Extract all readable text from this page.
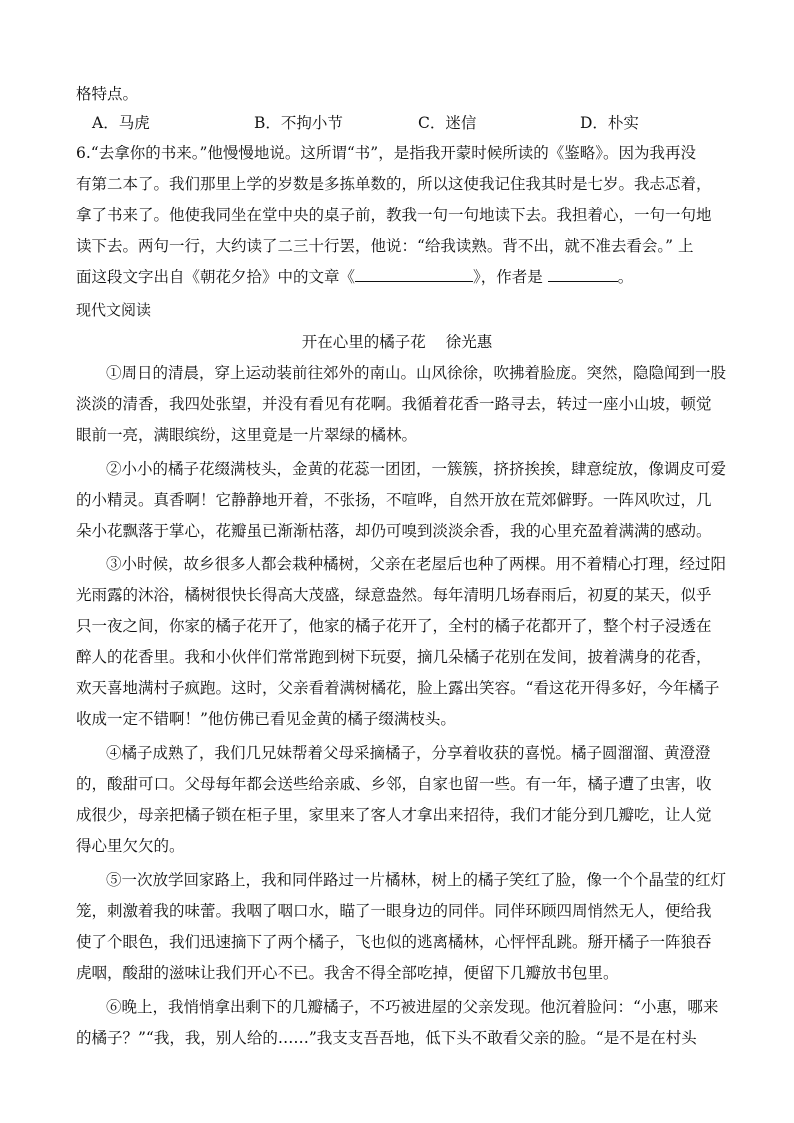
格特点。
A．马虎	B．不拘小节	C．迷信	D．朴实
6.“去拿你的书来。”他慢慢地说。这所谓“书”，是指我开蒙时候所读的《鉴略》。因为我再没
有第二本了。我们那里上学的岁数是多拣单数的，所以这使我记住我其时是七岁。我忐忑着，
拿了书来了。他使我同坐在堂中央的桌子前，教我一句一句地读下去。我担着心，一句一句地
读下去。两句一行，大约读了二三十行罢，他说：“给我读熟。背不出，就不准去看会。” 上
面这段文字出自《朝花夕拾》中的文章《	》，作者是	。
现代文阅读
开在心里的橘子花 徐光惠
①周日的清晨，穿上运动装前往郊外的南山。山风徐徐，吹拂着脸庞。突然，隐隐闻到一股
淡淡的清香，我四处张望，并没有看见有花啊。我循着花香一路寻去，转过一座小山坡，顿觉
眼前一亮，满眼缤纷，这里竟是一片翠绿的橘林。
②小小的橘子花缀满枝头，金黄的花蕊一团团，一簇簇，挤挤挨挨，肆意绽放，像调皮可爱
的小精灵。真香啊！它静静地开着，不张扬，不喧哗，自然开放在荒郊僻野。一阵风吹过，几
朵小花飘落于掌心，花瓣虽已渐渐枯落，却仍可嗅到淡淡余香，我的心里充盈着满满的感动。
③小时候，故乡很多人都会栽种橘树，父亲在老屋后也种了两棵。用不着精心打理，经过阳
光雨露的沐浴，橘树很快长得高大茂盛，绿意盎然。每年清明几场春雨后，初夏的某天，似乎
只一夜之间，你家的橘子花开了，他家的橘子花开了，全村的橘子花都开了，整个村子浸透在
醉人的花香里。我和小伙伴们常常跑到树下玩耍，摘几朵橘子花别在发间，披着满身的花香，
欢天喜地满村子疯跑。这时，父亲看着满树橘花，脸上露出笑容。“看这花开得多好，今年橘子
收成一定不错啊！”他仿佛已看见金黄的橘子缀满枝头。
④橘子成熟了，我们几兄妹帮着父母采摘橘子，分享着收获的喜悦。橘子圆溜溜、黄澄澄
的，酸甜可口。父母每年都会送些给亲戚、乡邻，自家也留一些。有一年，橘子遭了虫害，收
成很少，母亲把橘子锁在柜子里，家里来了客人才拿出来招待，我们才能分到几瓣吃，让人觉
得心里欠欠的。
⑤一次放学回家路上，我和同伴路过一片橘林，树上的橘子笑红了脸，像一个个晶莹的红灯
笼，刺激着我的味蕾。我咽了咽口水，瞄了一眼身边的同伴。同伴环顾四周悄然无人，便给我
使了个眼色，我们迅速摘下了两个橘子，飞也似的逃离橘林，心怦怦乱跳。掰开橘子一阵狼吞
虎咽，酸甜的滋味让我们开心不已。我舍不得全部吃掉，便留下几瓣放书包里。
⑥晚上，我悄悄拿出剩下的几瓣橘子，不巧被进屋的父亲发现。他沉着脸问：“小惠，哪来
的橘子？”“我，我，别人给的……”我支支吾吾地，低下头不敢看父亲的脸。“是不是在村头
